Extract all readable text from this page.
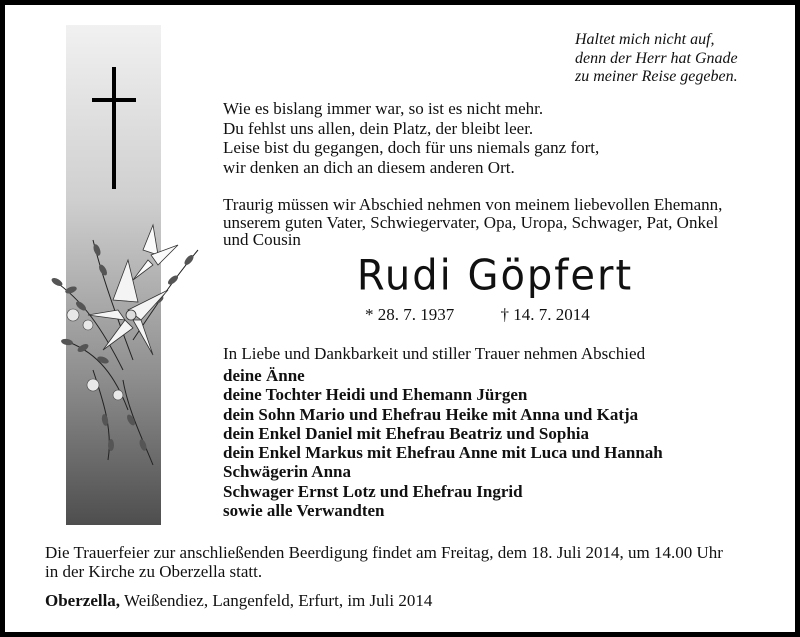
Haltet mich nicht auf,
denn der Herr hat Gnade
zu meiner Reise gegeben.
Wie es bislang immer war, so ist es nicht mehr.
Du fehlst uns allen, dein Platz, der bleibt leer.
Leise bist du gegangen, doch für uns niemals ganz fort,
wir denken an dich an diesem anderen Ort.
Traurig müssen wir Abschied nehmen von meinem liebevollen Ehemann,
unserem guten Vater, Schwiegervater, Opa, Uropa, Schwager, Pat, Onkel
und Cousin
Rudi Göpfert
* 28. 7. 1937	† 14. 7. 2014
In Liebe und Dankbarkeit und stiller Trauer nehmen Abschied
deine Änne
deine Tochter Heidi und Ehemann Jürgen
dein Sohn Mario und Ehefrau Heike mit Anna und Katja
dein Enkel Daniel mit Ehefrau Beatriz und Sophia
dein Enkel Markus mit Ehefrau Anne mit Luca und Hannah
Schwägerin Anna
Schwager Ernst Lotz und Ehefrau Ingrid
sowie alle Verwandten
Die Trauerfeier zur anschließenden Beerdigung findet am Freitag, dem 18. Juli 2014, um 14.00 Uhr
in der Kirche zu Oberzella statt.
Oberzella, Weißendiez, Langenfeld, Erfurt, im Juli 2014
